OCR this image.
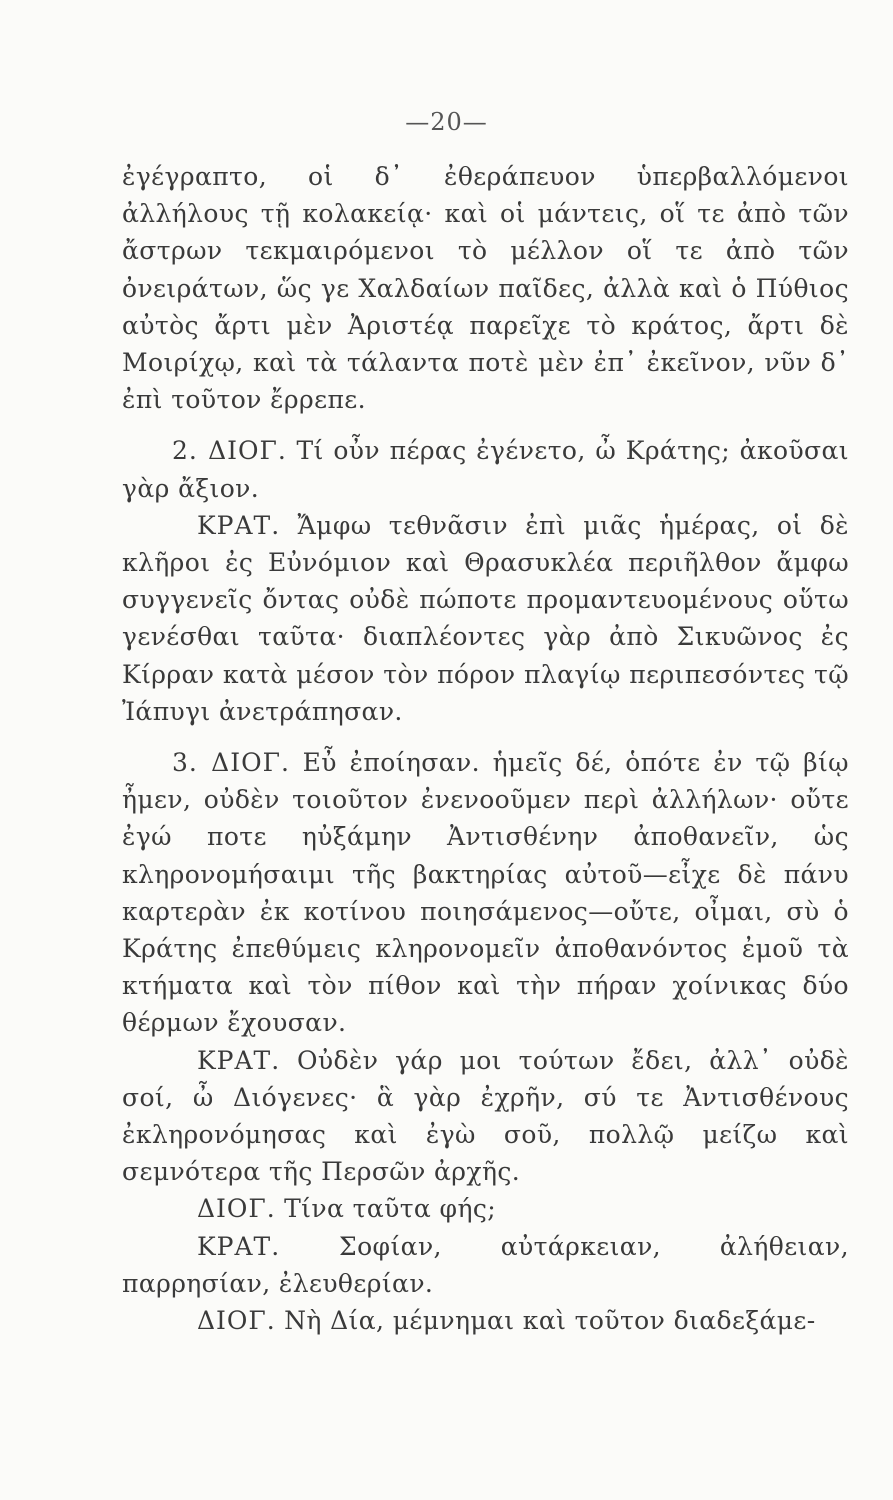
—20—

ἐγέγραπτο, οἱ δ᾽ ἐθεράπευον ὑπερβαλλόμενοι ἀλλήλους τῇ κολακείᾳ· καὶ οἱ μάντεις, οἵ τε ἀπὸ τῶν ἄστρων τεκμαιρόμενοι τὸ μέλλον οἵ τε ἀπὸ τῶν ὀνειράτων, ὥς γε Χαλδαίων παῖδες, ἀλλὰ καὶ ὁ Πύθιος αὐτὸς ἄρτι μὲν Ἀριστέᾳ παρεῖχε τὸ κράτος, ἄρτι δὲ Μοιρίχῳ, καὶ τὰ τάλαντα ποτὲ μὲν ἐπ᾽ ἐκεῖνον, νῦν δ᾽ ἐπὶ τοῦτον ἔρρεπε.

2. ΔΙΟΓ. Τί οὖν πέρας ἐγένετο, ὦ Κράτης; ἀκοῦσαι γὰρ ἄξιον.

ΚΡΑΤ. Ἄμφω τεθνᾶσιν ἐπὶ μιᾶς ἡμέρας, οἱ δὲ κλῆροι ἐς Εὐνόμιον καὶ Θρασυκλέα περιῆλθον ἄμφω συγγενεῖς ὄντας οὐδὲ πώποτε προμαντευομένους οὕτω γενέσθαι ταῦτα· διαπλέοντες γὰρ ἀπὸ Σικυῶνος ἐς Κίρραν κατὰ μέσον τὸν πόρον πλαγίῳ περιπεσόντες τῷ Ἰάπυγι ἀνετράπησαν.

3. ΔΙΟΓ. Εὖ ἐποίησαν. ἡμεῖς δέ, ὁπότε ἐν τῷ βίῳ ἦμεν, οὐδὲν τοιοῦτον ἐνενοοῦμεν περὶ ἀλλήλων· οὔτε ἐγώ ποτε ηὐξάμην Ἀντισθένην ἀποθανεῖν, ὡς κληρονομήσαιμι τῆς βακτηρίας αὐτοῦ—εἶχε δὲ πάνυ καρτερὰν ἐκ κοτίνου ποιησάμενος—οὔτε, οἶμαι, σὺ ὁ Κράτης ἐπεθύμεις κληρονομεῖν ἀποθανόντος ἐμοῦ τὰ κτήματα καὶ τὸν πίθον καὶ τὴν πήραν χοίνικας δύο θέρμων ἔχουσαν.

ΚΡΑΤ. Οὐδὲν γάρ μοι τούτων ἔδει, ἀλλ᾽ οὐδὲ σοί, ὦ Διόγενες· ἃ γὰρ ἐχρῆν, σύ τε Ἀντισθένους ἐκληρονόμησας καὶ ἐγὼ σοῦ, πολλῷ μείζω καὶ σεμνότερα τῆς Περσῶν ἀρχῆς.

ΔΙΟΓ. Τίνα ταῦτα φής;

ΚΡΑΤ. Σοφίαν, αὐτάρκειαν, ἀλήθειαν, παρρησίαν, ἐλευθερίαν.

ΔΙΟΓ. Νὴ Δία, μέμνημαι καὶ τοῦτον διαδεξάμε-
